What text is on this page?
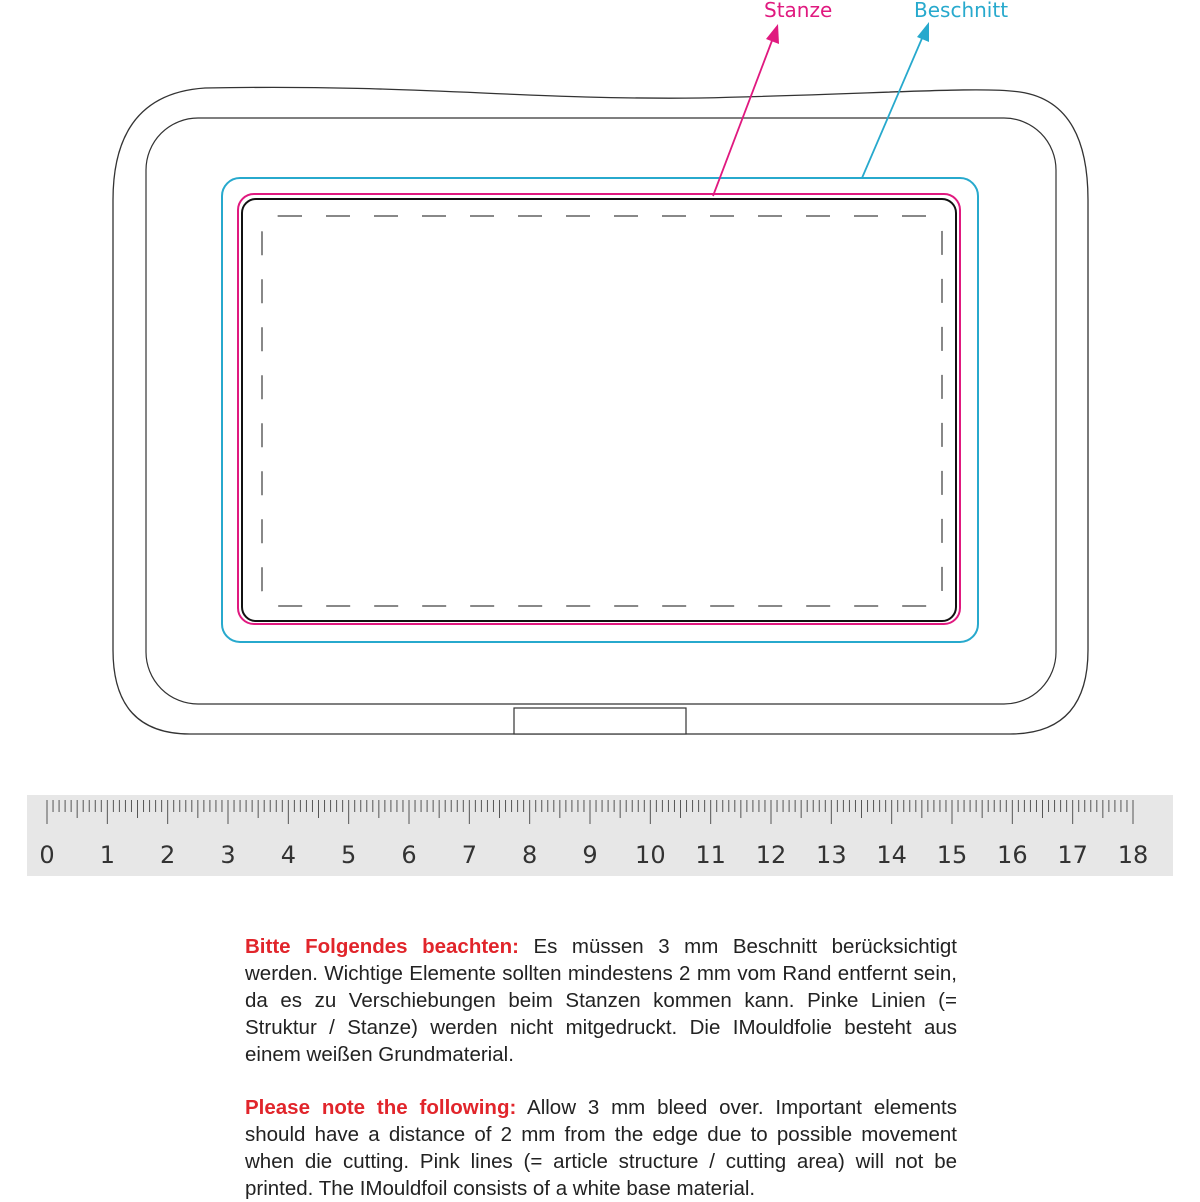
Stanze	Beschnitt
0 1 2 3 4 5 6 7 8 9 10 11 12 13 14 15 16 17 18

Bitte Folgendes beachten: Es müssen 3 mm Beschnitt berücksichtigt werden. Wichtige Elemente sollten mindestens 2 mm vom Rand entfernt sein, da es zu Verschiebungen beim Stanzen kommen kann. Pinke Linien (= Struktur / Stanze) werden nicht mitgedruckt. Die IMouldfolie besteht aus einem weißen Grundmaterial.

Please note the following: Allow 3 mm bleed over. Important elements should have a distance of 2 mm from the edge due to possible movement when die cutting. Pink lines (= article structure / cutting area) will not be printed. The IMouldfoil consists of a white base material.
